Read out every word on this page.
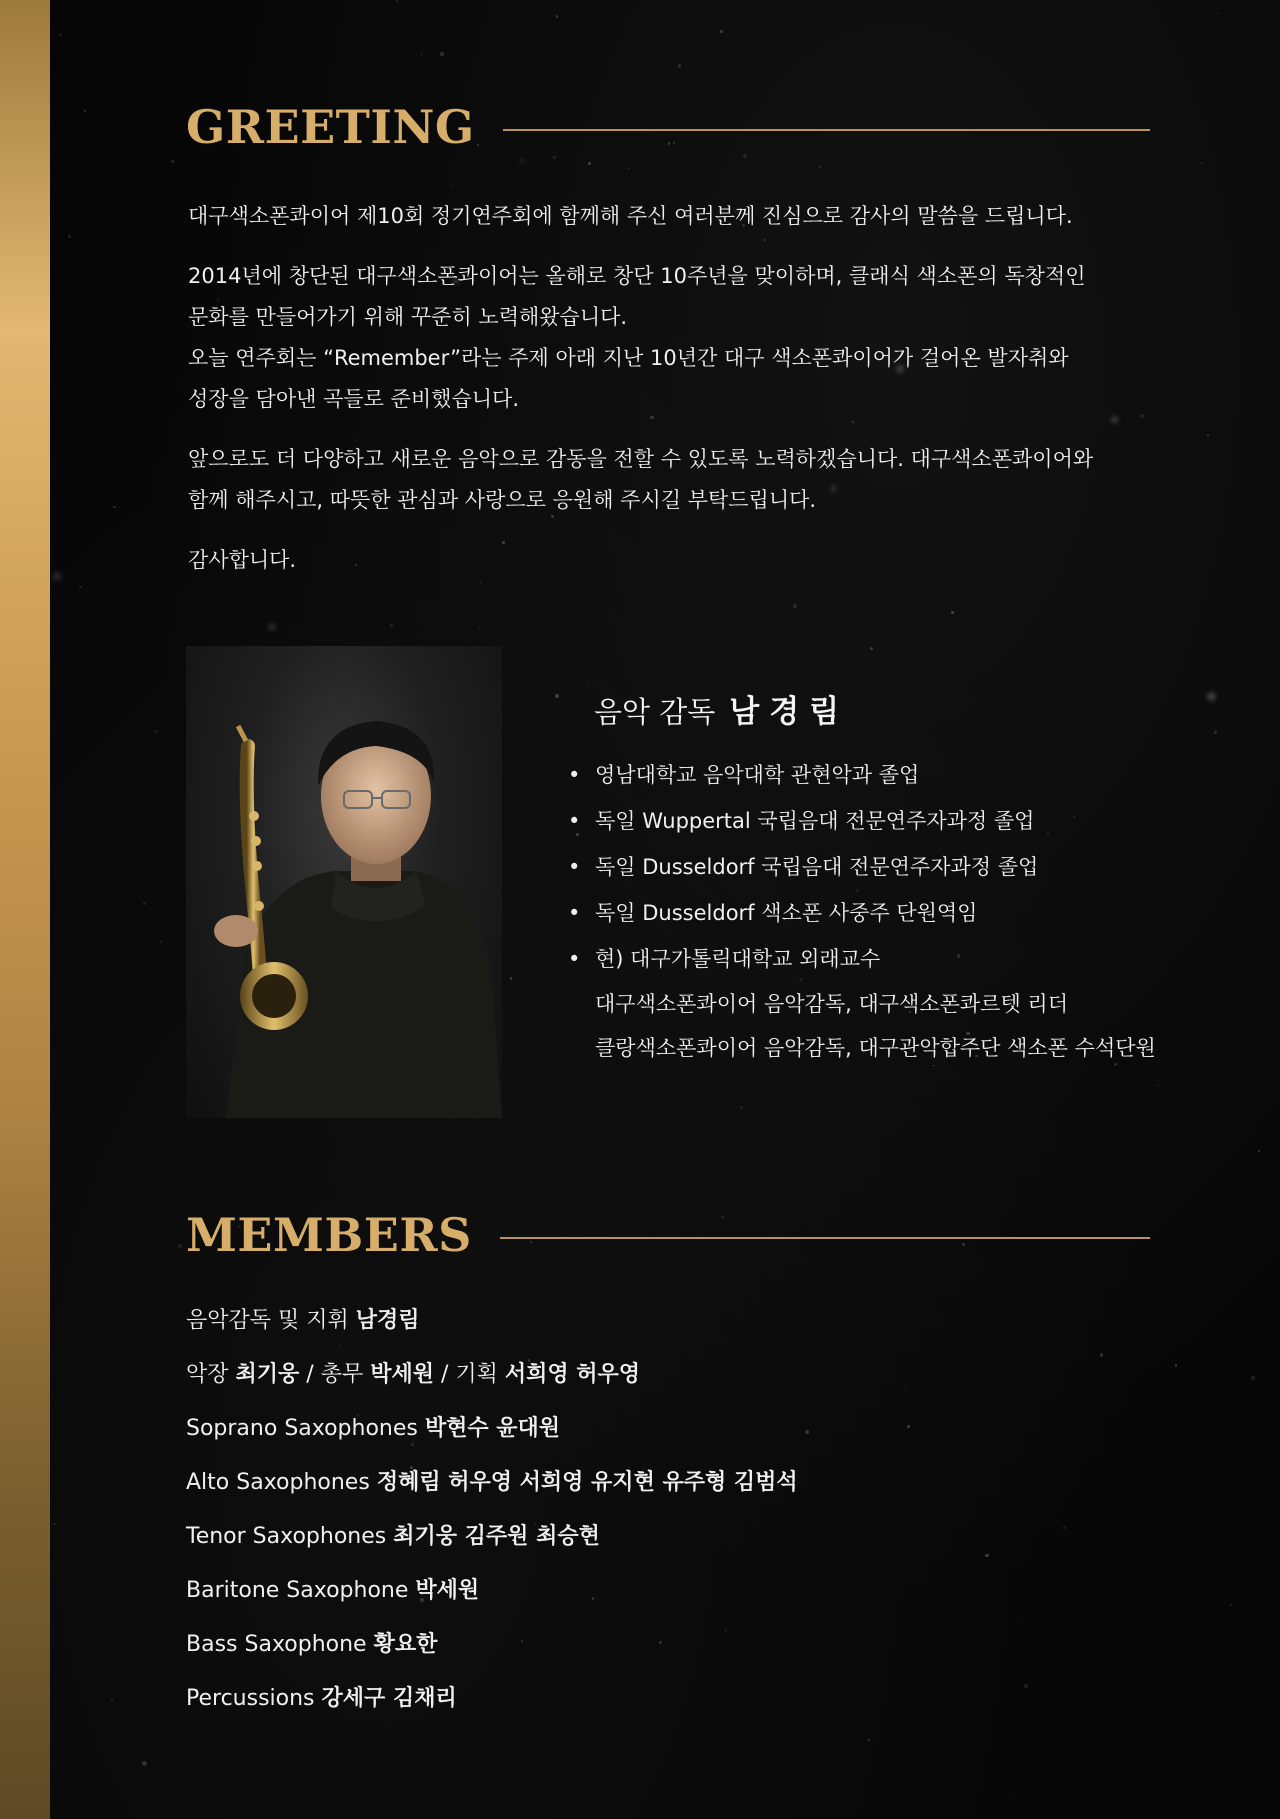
GREETING

대구색소폰콰이어 제10회 정기연주회에 함께해 주신 여러분께 진심으로 감사의 말씀을 드립니다.

2014년에 창단된 대구색소폰콰이어는 올해로 창단 10주년을 맞이하며, 클래식 색소폰의 독창적인
문화를 만들어가기 위해 꾸준히 노력해왔습니다.
오늘 연주회는 “Remember”라는 주제 아래 지난 10년간 대구 색소폰콰이어가 걸어온 발자취와
성장을 담아낸 곡들로 준비했습니다.

앞으로도 더 다양하고 새로운 음악으로 감동을 전할 수 있도록 노력하겠습니다. 대구색소폰콰이어와
함께 해주시고, 따뜻한 관심과 사랑으로 응원해 주시길 부탁드립니다.

감사합니다.

음악 감독 남경림
• 영남대학교 음악대학 관현악과 졸업
• 독일 Wuppertal 국립음대 전문연주자과정 졸업
• 독일 Dusseldorf 국립음대 전문연주자과정 졸업
• 독일 Dusseldorf 색소폰 사중주 단원역임
• 현) 대구가톨릭대학교 외래교수
대구색소폰콰이어 음악감독, 대구색소폰콰르텟 리더
클랑색소폰콰이어 음악감독, 대구관악합주단 색소폰 수석단원
MEMBERS
음악감독 및 지휘 남경림
악장 최기웅 / 총무 박세원 / 기획 서희영 허우영
Soprano Saxophones 박현수 윤대원
Alto Saxophones 정혜림 허우영 서희영 유지현 유주형 김범석
Tenor Saxophones 최기웅 김주원 최승현
Baritone Saxophone 박세원
Bass Saxophone 황요한
Percussions 강세구 김채리
